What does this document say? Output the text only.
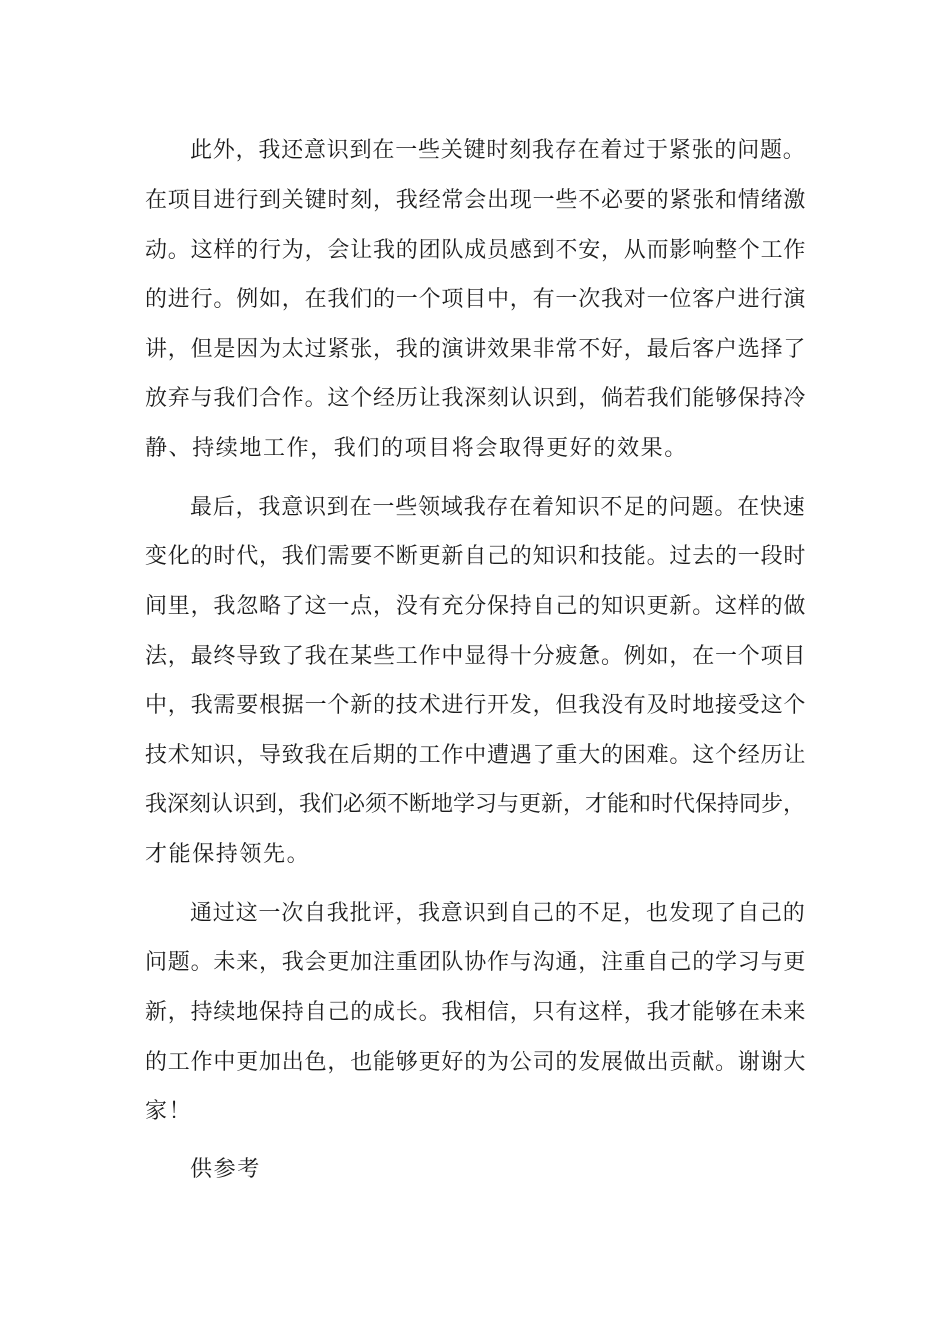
此外，我还意识到在一些关键时刻我存在着过于紧张的问题。
在项目进行到关键时刻，我经常会出现一些不必要的紧张和情绪激
动。这样的行为，会让我的团队成员感到不安，从而影响整个工作
的进行。例如，在我们的一个项目中，有一次我对一位客户进行演
讲，但是因为太过紧张，我的演讲效果非常不好，最后客户选择了
放弃与我们合作。这个经历让我深刻认识到，倘若我们能够保持冷
静、持续地工作，我们的项目将会取得更好的效果。
最后，我意识到在一些领域我存在着知识不足的问题。在快速
变化的时代，我们需要不断更新自己的知识和技能。过去的一段时
间里，我忽略了这一点，没有充分保持自己的知识更新。这样的做
法，最终导致了我在某些工作中显得十分疲惫。例如，在一个项目
中，我需要根据一个新的技术进行开发，但我没有及时地接受这个
技术知识，导致我在后期的工作中遭遇了重大的困难。这个经历让
我深刻认识到，我们必须不断地学习与更新，才能和时代保持同步，
才能保持领先。
通过这一次自我批评，我意识到自己的不足，也发现了自己的
问题。未来，我会更加注重团队协作与沟通，注重自己的学习与更
新，持续地保持自己的成长。我相信，只有这样，我才能够在未来
的工作中更加出色，也能够更好的为公司的发展做出贡献。谢谢大
家！
供参考
